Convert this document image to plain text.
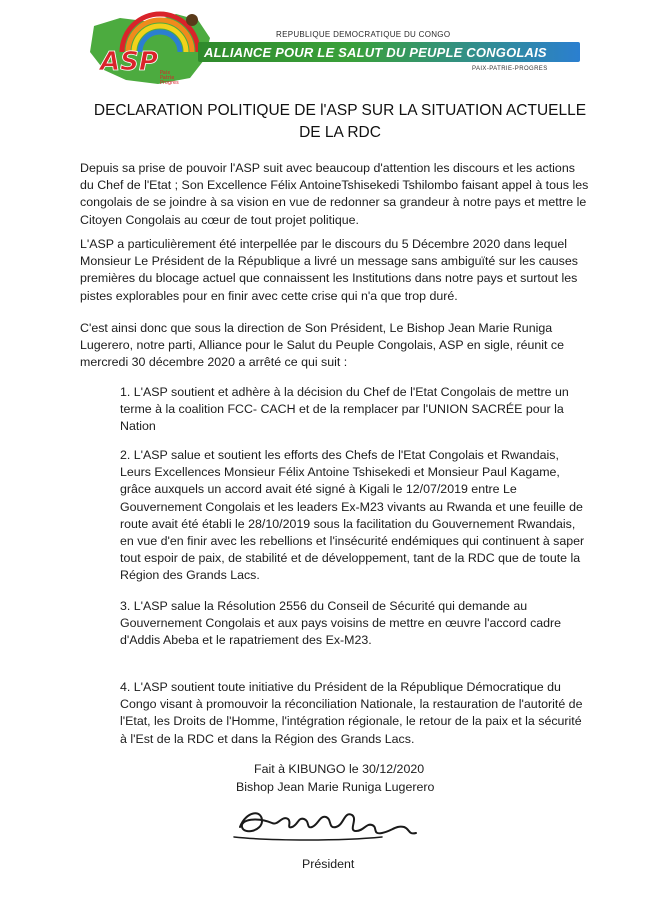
ASP Paix
Patrie
Progrès
REPUBLIQUE DEMOCRATIQUE DU CONGO
ALLIANCE POUR LE SALUT DU PEUPLE CONGOLAIS
PAIX-PATRIE-PROGRES
DECLARATION POLITIQUE DE l'ASP SUR LA SITUATION ACTUELLE
DE LA RDC
Depuis sa prise de pouvoir l'ASP suit avec beaucoup d'attention les discours et les actions du Chef de l'Etat ; Son Excellence Félix AntoineTshisekedi Tshilombo faisant appel à tous les congolais de se joindre à sa vision en vue de redonner sa grandeur à notre pays et mettre le Citoyen Congolais au cœur de tout projet politique.
L'ASP a particulièrement été interpellée par le discours du 5 Décembre 2020 dans lequel Monsieur Le Président de la République a livré un message sans ambiguïté sur les causes premières du blocage actuel que connaissent les Institutions dans notre pays et surtout les pistes explorables pour en finir avec cette crise qui n'a que trop duré.
C'est ainsi donc que sous la direction de Son Président, Le Bishop Jean Marie Runiga Lugerero, notre parti, Alliance pour le Salut du Peuple Congolais, ASP en sigle, réunit ce mercredi 30 décembre 2020 a arrêté ce qui suit :
1. L'ASP soutient et adhère à la décision du Chef de l'Etat Congolais de mettre un terme à la coalition FCC- CACH et de la remplacer par l'UNION SACRÉE pour la Nation
2. L'ASP salue et soutient les efforts des Chefs de l'Etat Congolais et Rwandais, Leurs Excellences Monsieur Félix Antoine Tshisekedi et Monsieur Paul Kagame, grâce auxquels un accord avait été signé à Kigali le 12/07/2019 entre Le Gouvernement Congolais et les leaders Ex-M23 vivants au Rwanda et une feuille de route avait été établi le 28/10/2019 sous la facilitation du Gouvernement Rwandais, en vue d'en finir avec les rebellions et l'insécurité endémiques qui continuent à saper tout espoir de paix, de stabilité et de développement, tant de la RDC que de toute la Région des Grands Lacs.
3. L'ASP salue la Résolution 2556 du Conseil de Sécurité qui demande au Gouvernement Congolais et aux pays voisins de mettre en œuvre l'accord cadre d'Addis Abeba et le rapatriement des Ex-M23.
4. L'ASP soutient toute initiative du Président de la République Démocratique du Congo visant à promouvoir la réconciliation Nationale, la restauration de l'autorité de l'Etat, les Droits de l'Homme, l'intégration régionale, le retour de la paix et la sécurité à l'Est de la RDC et dans la Région des Grands Lacs.
Fait à KIBUNGO le 30/12/2020
Bishop Jean Marie Runiga Lugerero
Président
